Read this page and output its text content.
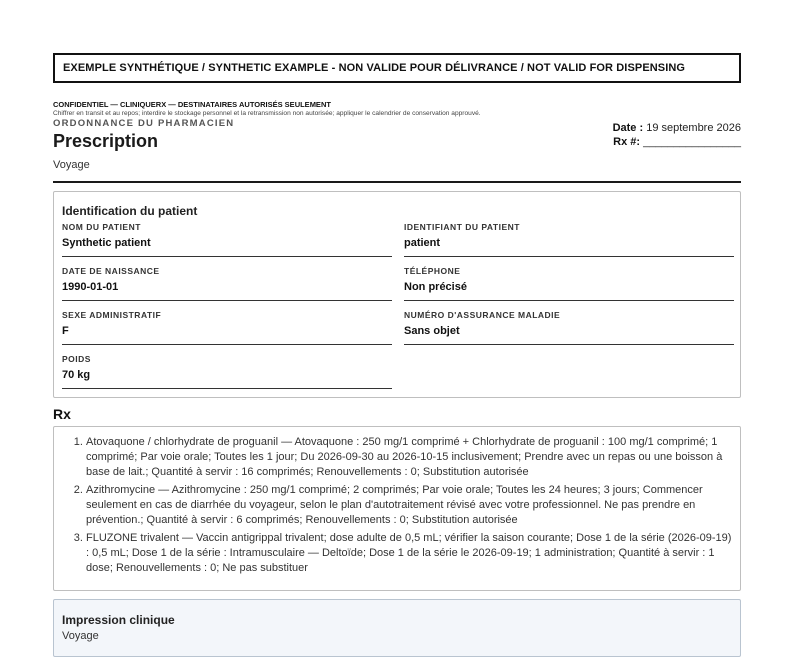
EXEMPLE SYNTHÉTIQUE / SYNTHETIC EXAMPLE - NON VALIDE POUR DÉLIVRANCE / NOT VALID FOR DISPENSING
CONFIDENTIEL — CLINIQUERX — DESTINATAIRES AUTORISÉS SEULEMENT
Chiffrer en transit et au repos; interdire le stockage personnel et la retransmission non autorisée; appliquer le calendrier de conservation approuvé.
ORDONNANCE DU PHARMACIEN
Prescription
Voyage
Date : 19 septembre 2026
Rx #: ________________
Identification du patient
NOM DU PATIENT
Synthetic patient
IDENTIFIANT DU PATIENT
patient
DATE DE NAISSANCE
1990-01-01
TÉLÉPHONE
Non précisé
SEXE ADMINISTRATIF
F
NUMÉRO D'ASSURANCE MALADIE
Sans objet
POIDS
70 kg
Rx
1. Atovaquone / chlorhydrate de proguanil — Atovaquone : 250 mg/1 comprimé + Chlorhydrate de proguanil : 100 mg/1 comprimé; 1 comprimé; Par voie orale; Toutes les 1 jour; Du 2026-09-30 au 2026-10-15 inclusivement; Prendre avec un repas ou une boisson à base de lait.; Quantité à servir : 16 comprimés; Renouvellements : 0; Substitution autorisée
2. Azithromycine — Azithromycine : 250 mg/1 comprimé; 2 comprimés; Par voie orale; Toutes les 24 heures; 3 jours; Commencer seulement en cas de diarrhée du voyageur, selon le plan d'autotraitement révisé avec votre professionnel. Ne pas prendre en prévention.; Quantité à servir : 6 comprimés; Renouvellements : 0; Substitution autorisée
3. FLUZONE trivalent — Vaccin antigrippal trivalent; dose adulte de 0,5 mL; vérifier la saison courante; Dose 1 de la série (2026-09-19) : 0,5 mL; Dose 1 de la série : Intramusculaire — Deltoïde; Dose 1 de la série le 2026-09-19; 1 administration; Quantité à servir : 1 dose; Renouvellements : 0; Ne pas substituer
Impression clinique
Voyage
